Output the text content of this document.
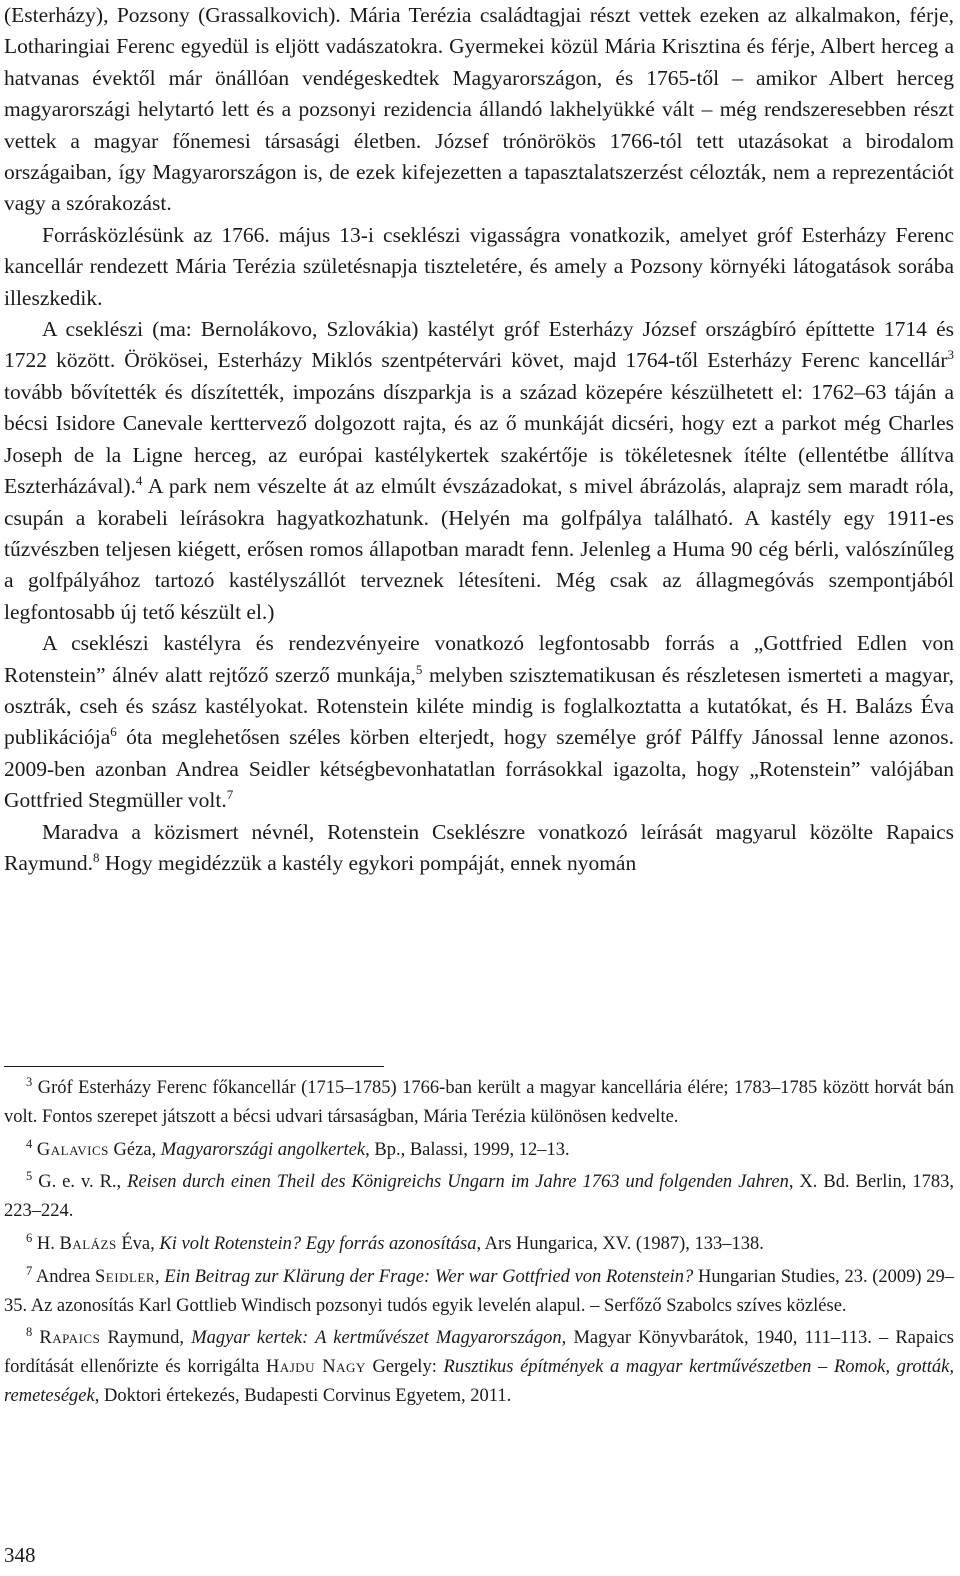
(Esterházy), Pozsony (Grassalkovich). Mária Terézia családtagjai részt vettek ezeken az alkalmakon, férje, Lotharingiai Ferenc egyedül is eljött vadászatokra. Gyermekei közül Mária Krisztina és férje, Albert herceg a hatvanas évektől már önállóan vendégeskedtek Magyarországon, és 1765-től – amikor Albert herceg magyarországi helytartó lett és a pozsonyi rezidencia állandó lakhelyükké vált – még rendszeresebben részt vettek a magyar főnemesi társasági életben. József trónörökös 1766-tól tett utazásokat a birodalom országaiban, így Magyarországon is, de ezek kifejezetten a tapasztalatszerzést célozták, nem a reprezentációt vagy a szórakozást.

Forrásközlésünk az 1766. május 13-i cseklészi vigasságra vonatkozik, amelyet gróf Esterházy Ferenc kancellár rendezett Mária Terézia születésnapja tiszteletére, és amely a Pozsony környéki látogatások sorába illeszkedik.

A cseklészi (ma: Bernolákovo, Szlovákia) kastélyt gróf Esterházy József országbíró építtette 1714 és 1722 között. Örökösei, Esterházy Miklós szentpétervári követ, majd 1764-től Esterházy Ferenc kancellár$^3$ tovább bővítették és díszítették, impozáns díszparkja is a század közepére készülhetett el: 1762–63 táján a bécsi Isidore Canevale kerttervező dolgozott rajta, és az ő munkáját dicséri, hogy ezt a parkot még Charles Joseph de la Ligne herceg, az európai kastélykertek szakértője is tökéletesnek ítélte (ellentétbe állítva Eszterházával).$^4$ A park nem vészelte át az elmúlt évszázadokat, s mivel ábrázolás, alaprajz sem maradt róla, csupán a korabeli leírásokra hagyatkozhatunk. (Helyén ma golfpálya található. A kastély egy 1911-es tűzvészben teljesen kiégett, erősen romos állapotban maradt fenn. Jelenleg a Huma 90 cég bérli, valószínűleg a golfpályához tartozó kastélyszállót terveznek létesíteni. Még csak az állagmegóvás szempontjából legfontosabb új tető készült el.)

A cseklészi kastélyra és rendezvényeire vonatkozó legfontosabb forrás a „Gottfried Edlen von Rotenstein” álnév alatt rejtőző szerző munkája,$^5$ melyben szisztematikusan és részletesen ismerteti a magyar, osztrák, cseh és szász kastélyokat. Rotenstein kiléte mindig is foglalkoztatta a kutatókat, és H. Balázs Éva publikációja$^6$ óta meglehetősen széles körben elterjedt, hogy személye gróf Pálffy Jánossal lenne azonos. 2009-ben azonban Andrea Seidler kétségbevonhatatlan forrásokkal igazolta, hogy „Rotenstein” valójában Gottfried Stegmüller volt.$^7$

Maradva a közismert névnél, Rotenstein Cseklészre vonatkozó leírását magyarul közölte Rapaics Raymund.$^8$ Hogy megidézzük a kastély egykori pompáját, ennek nyomán

$^3$ Gróf Esterházy Ferenc főkancellár (1715–1785) 1766-ban került a magyar kancellária élére; 1783–1785 között horvát bán volt. Fontos szerepet játszott a bécsi udvari társaságban, Mária Terézia különösen kedvelte.

$^4$ Galavics Géza, Magyarországi angolkertek, Bp., Balassi, 1999, 12–13.

$^5$ G. e. v. R., Reisen durch einen Theil des Königreichs Ungarn im Jahre 1763 und folgenden Jahren, X. Bd. Berlin, 1783, 223–224.

$^6$ H. Balázs Éva, Ki volt Rotenstein? Egy forrás azonosítása, Ars Hungarica, XV. (1987), 133–138.

$^7$ Andrea Seidler, Ein Beitrag zur Klärung der Frage: Wer war Gottfried von Rotenstein? Hungarian Studies, 23. (2009) 29–35. Az azonosítás Karl Gottlieb Windisch pozsonyi tudós egyik levelén alapul. – Serfőző Szabolcs szíves közlése.

$^8$ Rapaics Raymund, Magyar kertek: A kertművészet Magyarországon, Magyar Könyvbarátok, 1940, 111–113. – Rapaics fordítását ellenőrizte és korrigálta Hajdu Nagy Gergely: Rusztikus építmények a magyar kertművészetben – Romok, grották, remeteségek, Doktori értekezés, Budapesti Corvinus Egyetem, 2011.

348
